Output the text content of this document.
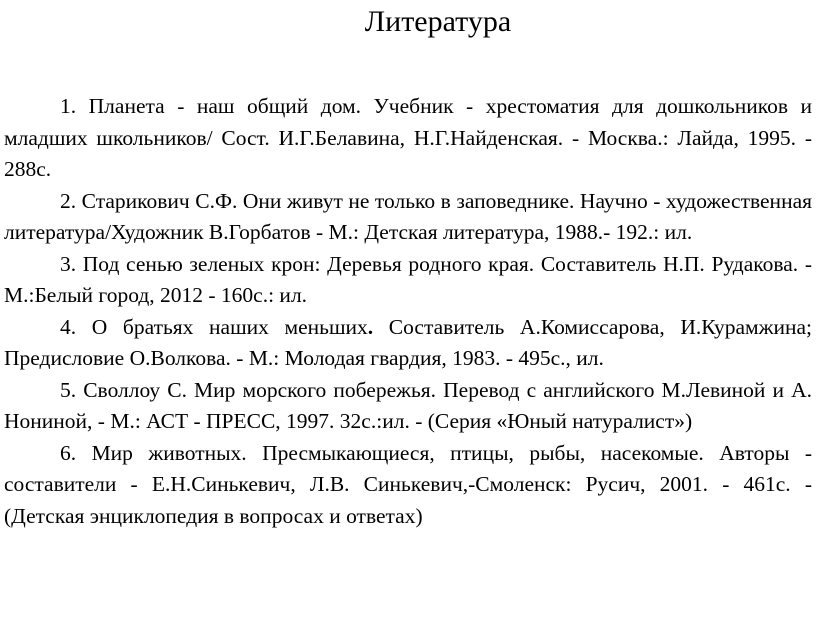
Литература
1. Планета - наш общий дом. Учебник - хрестоматия для дошкольников и младших школьников/ Сост. И.Г.Белавина, Н.Г.Найденская. - Москва.: Лайда, 1995. - 288с.
2. Старикович С.Ф. Они живут не только в заповеднике. Научно - художественная литература/Художник В.Горбатов - М.: Детская литература, 1988.- 192.: ил.
3. Под сенью зеленых крон: Деревья родного края. Составитель Н.П. Рудакова. - М.:Белый город, 2012 - 160с.: ил.
4. О братьях наших меньших. Составитель А.Комиссарова, И.Курамжина; Предисловие О.Волкова. - М.: Молодая гвардия, 1983. - 495с., ил.
5. Своллоу С. Мир морского побережья. Перевод с английского М.Левиной и А. Нониной, - М.: АСТ - ПРЕСС, 1997. 32с.:ил. - (Серия «Юный натуралист»)
6. Мир животных. Пресмыкающиеся, птицы, рыбы, насекомые. Авторы - составители - Е.Н.Синькевич, Л.В. Синькевич,-Смоленск: Русич, 2001. - 461с. - (Детская энциклопедия в вопросах и ответах)
